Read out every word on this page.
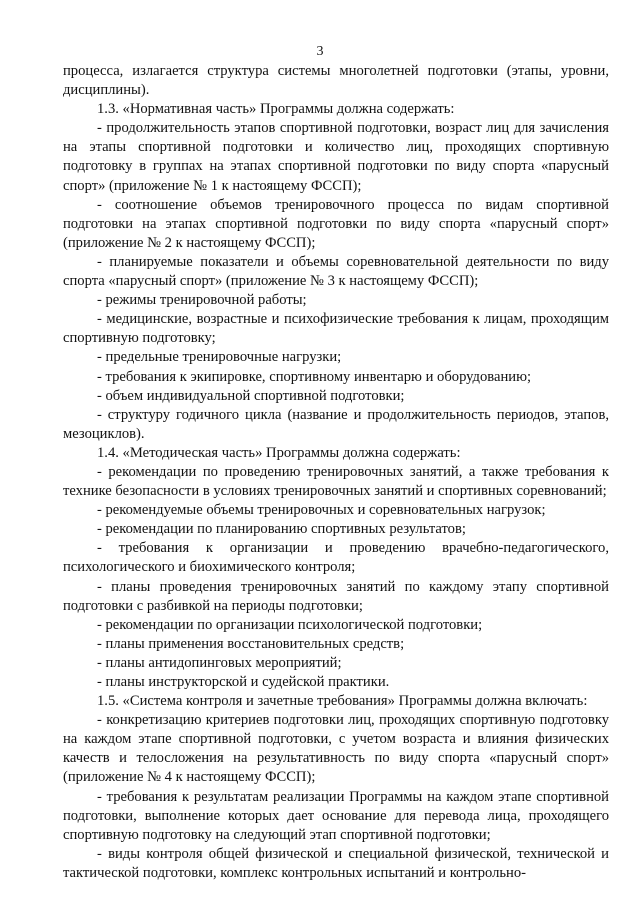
3

процесса, излагается структура системы многолетней подготовки (этапы, уровни, дисциплины).

1.3. «Нормативная часть» Программы должна содержать:

- продолжительность этапов спортивной подготовки, возраст лиц для зачисления на этапы спортивной подготовки и количество лиц, проходящих спортивную подготовку в группах на этапах спортивной подготовки по виду спорта «парусный спорт» (приложение № 1 к настоящему ФССП);

- соотношение объемов тренировочного процесса по видам спортивной подготовки на этапах спортивной подготовки по виду спорта «парусный спорт» (приложение № 2 к настоящему ФССП);

- планируемые показатели и объемы соревновательной деятельности по виду спорта «парусный спорт» (приложение № 3 к настоящему ФССП);

- режимы тренировочной работы;

- медицинские, возрастные и психофизические требования к лицам, проходящим спортивную подготовку;

- предельные тренировочные нагрузки;

- требования к экипировке, спортивному инвентарю и оборудованию;

- объем индивидуальной спортивной подготовки;

- структуру годичного цикла (название и продолжительность периодов, этапов, мезоциклов).

1.4. «Методическая часть» Программы должна содержать:

- рекомендации по проведению тренировочных занятий, а также требования к технике безопасности в условиях тренировочных занятий и спортивных соревнований;

- рекомендуемые объемы тренировочных и соревновательных нагрузок;

- рекомендации по планированию спортивных результатов;

- требования к организации и проведению врачебно-педагогического, психологического и биохимического контроля;

- планы проведения тренировочных занятий по каждому этапу спортивной подготовки с разбивкой на периоды подготовки;

- рекомендации по организации психологической подготовки;

- планы применения восстановительных средств;

- планы антидопинговых мероприятий;

- планы инструкторской и судейской практики.

1.5. «Система контроля и зачетные требования» Программы должна включать:

- конкретизацию критериев подготовки лиц, проходящих спортивную подготовку на каждом этапе спортивной подготовки, с учетом возраста и влияния физических качеств и телосложения на результативность по виду спорта «парусный спорт» (приложение № 4 к настоящему ФССП);

- требования к результатам реализации Программы на каждом этапе спортивной подготовки, выполнение которых дает основание для перевода лица, проходящего спортивную подготовку на следующий этап спортивной подготовки;

- виды контроля общей физической и специальной физической, технической и тактической подготовки, комплекс контрольных испытаний и контрольно-
